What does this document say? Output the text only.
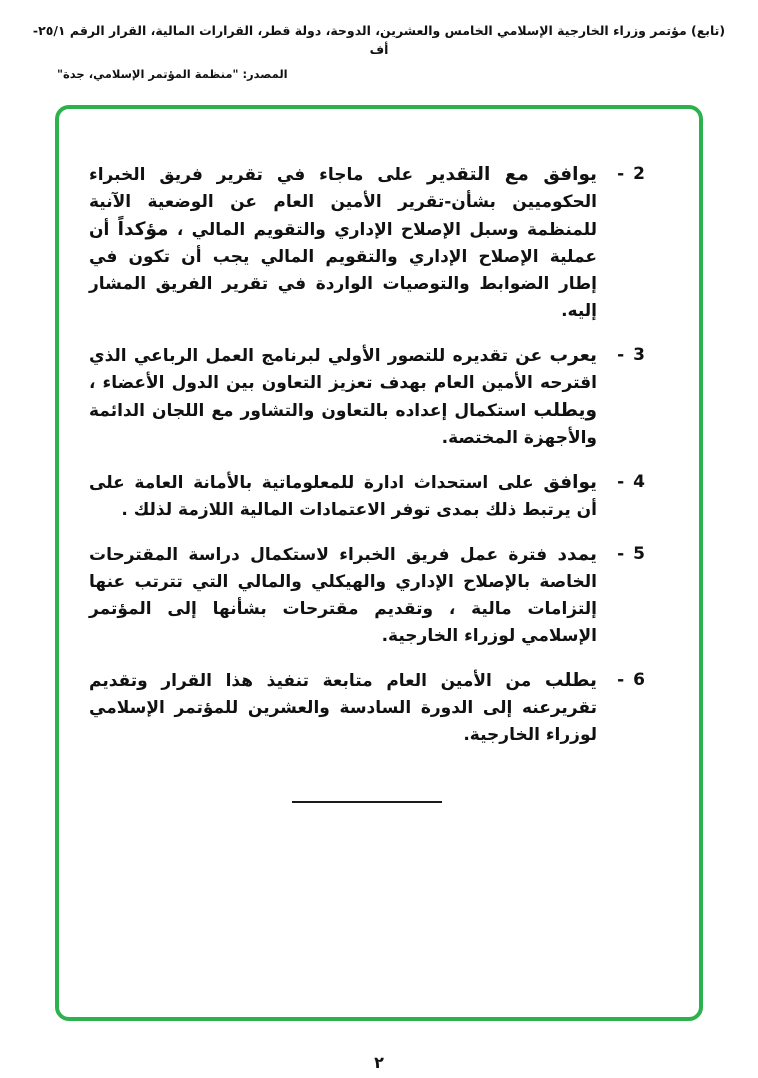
(تابع) مؤتمر وزراء الخارجية الإسلامي الخامس والعشرين، الدوحة، دولة قطر، القرارات المالية، القرار الرقم ٢٥/١-أف
المصدر: "منظمة المؤتمر الإسلامي، جدة"
2
-

يوافق مع التقدير على ماجاء في تقرير فريق الخبراء الحكوميين بشأن-تقرير الأمين العام عن الوضعية الآنية للمنظمة وسبل الإصلاح الإداري والتقويم المالي ، مؤكداً أن عملية الإصلاح الإداري والتقويم المالي يجب أن تكون في إطار الضوابط والتوصيات الواردة في تقرير الفريق المشار إليه.

3
-

يعرب عن تقديره للتصور الأولي لبرنامج العمل الرباعي الذي اقترحه الأمين العام بهدف تعزيز التعاون بين الدول الأعضاء ، ويطلب استكمال إعداده بالتعاون والتشاور مع اللجان الدائمة والأجهزة المختصة.

4
-

يوافق على استحداث ادارة للمعلوماتية بالأمانة العامة على أن يرتبط ذلك بمدى توفر الاعتمادات المالية اللازمة لذلك .

5
-

يمدد فترة عمل فريق الخبراء لاستكمال دراسة المقترحات الخاصة بالإصلاح الإداري والهيكلي والمالي التي تترتب عنها إلتزامات مالية ، وتقديم مقترحات بشأنها إلى المؤتمر الإسلامي لوزراء الخارجية.

6
-

يطلب من الأمين العام متابعة تنفيذ هذا القرار وتقديم تقريرعنه إلى الدورة السادسة والعشرين للمؤتمر الإسلامي لوزراء الخارجية.

٢
